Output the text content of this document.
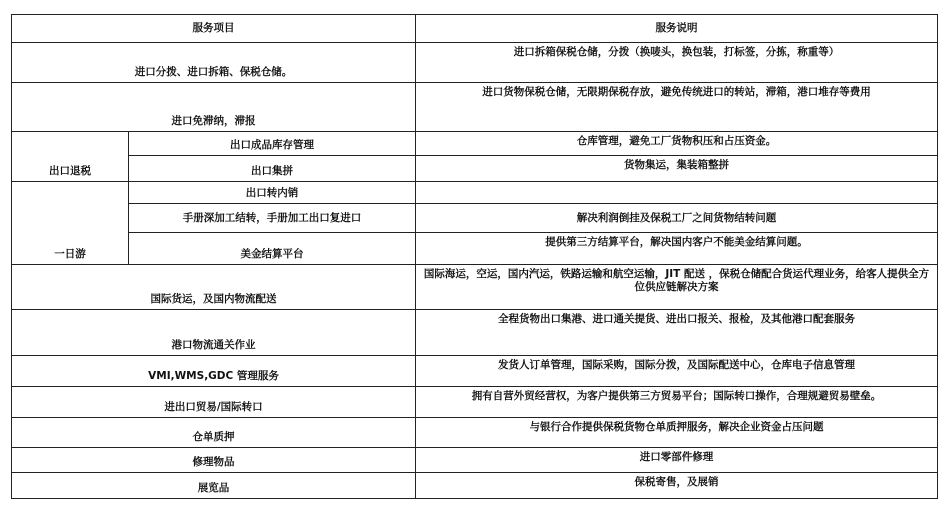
服务项目		服务说明
进口分拨、进口拆箱、保税仓储。		进口拆箱保税仓储，分拨（换唛头，换包装，打标签，分拣，称重等）
进口免滞纳，滞报		进口货物保税仓储，无限期保税存放，避免传统进口的转站，滞箱，港口堆存等费用
出口退税	出口成品库存管理	仓库管理，避免工厂货物积压和占压资金。
	出口集拼	货物集运，集装箱整拼
一日游	出口转内销	
	手册深加工结转，手册加工出口复进口	解决利润倒挂及保税工厂之间货物结转问题
	美金结算平台	提供第三方结算平台，解决国内客户不能美金结算问题。
国际货运，及国内物流配送		国际海运，空运，国内汽运，铁路运输和航空运输，JIT 配送 ，保税仓储配合货运代理业务，给客人提供全方位供应链解决方案
港口物流通关作业		全程货物出口集港、进口通关提货、进出口报关、报检，及其他港口配套服务
VMI,WMS,GDC 管理服务		发货人订单管理，国际采购，国际分拨，及国际配送中心，仓库电子信息管理
进出口贸易/国际转口		拥有自营外贸经营权，为客户提供第三方贸易平台；国际转口操作，合理规避贸易壁垒。
仓单质押		与银行合作提供保税货物仓单质押服务，解决企业资金占压问题
修理物品		进口零部件修理
展览品		保税寄售，及展销
